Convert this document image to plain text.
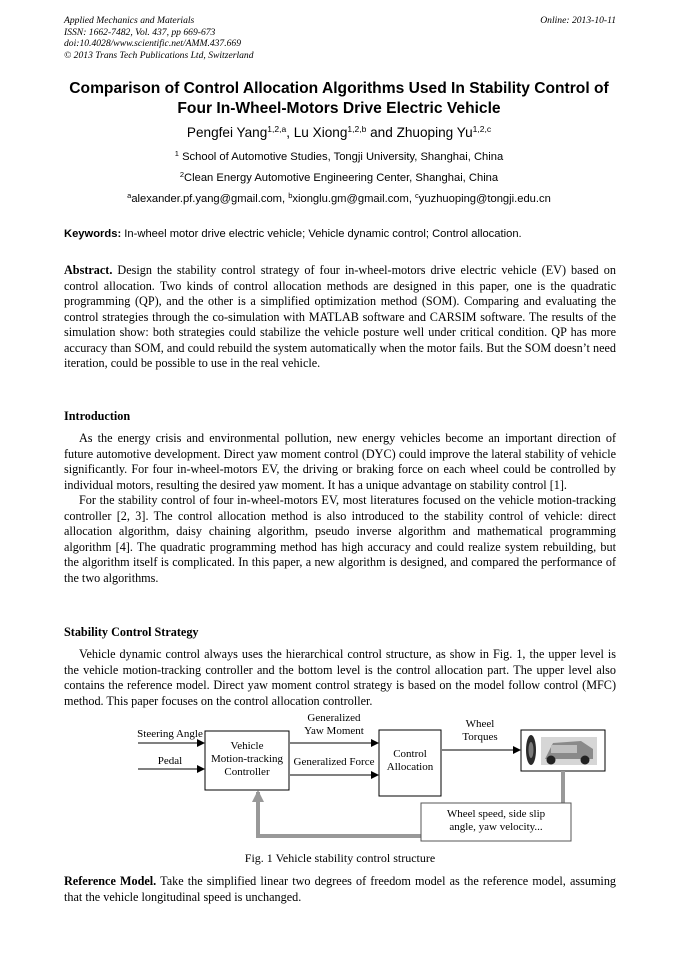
Applied Mechanics and Materials
ISSN: 1662-7482, Vol. 437, pp 669-673
doi:10.4028/www.scientific.net/AMM.437.669
© 2013 Trans Tech Publications Ltd, Switzerland
Online: 2013-10-11
Comparison of Control Allocation Algorithms Used In Stability Control of
Four In-Wheel-Motors Drive Electric Vehicle
Pengfei Yang$^{1,2,a}$, Lu Xiong$^{1,2,b}$ and Zhuoping Yu$^{1,2,c}$
$^1$ School of Automotive Studies, Tongji University, Shanghai, China
$^2$Clean Energy Automotive Engineering Center, Shanghai, China
$^a$alexander.pf.yang@gmail.com, $^b$xionglu.gm@gmail.com, $^c$yuzhuoping@tongji.edu.cn
Keywords: In-wheel motor drive electric vehicle; Vehicle dynamic control; Control allocation.

Abstract. Design the stability control strategy of four in-wheel-motors drive electric vehicle (EV) based on control allocation. Two kinds of control allocation methods are designed in this paper, one is the quadratic programming (QP), and the other is a simplified optimization method (SOM). Comparing and evaluating the control strategies through the co-simulation with MATLAB software and CARSIM software. The results of the simulation show: both strategies could stabilize the vehicle posture well under critical condition. QP has more accuracy than SOM, and could rebuild the system automatically when the motor fails. But the SOM doesn’t need iteration, could be possible to use in the real vehicle.

Introduction

As the energy crisis and environmental pollution, new energy vehicles become an important direction of future automotive development. Direct yaw moment control (DYC) could improve the lateral stability of vehicle significantly. For four in-wheel-motors EV, the driving or braking force on each wheel could be controlled by individual motors, resulting the desired yaw moment. It has a unique advantage on stability control [1].

For the stability control of four in-wheel-motors EV, most literatures focused on the vehicle motion-tracking controller [2, 3]. The control allocation method is also introduced to the stability control of vehicle: direct allocation algorithm, daisy chaining algorithm, pseudo inverse algorithm and mathematical programming algorithm [4]. The quadratic programming method has high accuracy and could realize system rebuilding, but the algorithm itself is complicated. In this paper, a new algorithm is designed, and compared the performance of the two algorithms.

Stability Control Strategy

Vehicle dynamic control always uses the hierarchical control structure, as show in Fig. 1, the upper level is the vehicle motion-tracking controller and the bottom level is the control allocation part. The upper level also contains the reference model. Direct yaw moment control strategy is based on the model follow control (MFC) method. This paper focuses on the control allocation controller.

Steering Angle
Pedal
Vehicle
Motion-tracking
Controller
Generalized
Yaw Moment
Generalized Force
Control
Allocation
Wheel
Torques
Wheel speed, side slip
angle, yaw velocity...
Fig. 1 Vehicle stability control structure

Reference Model. Take the simplified linear two degrees of freedom model as the reference model, assuming that the vehicle longitudinal speed is unchanged.
